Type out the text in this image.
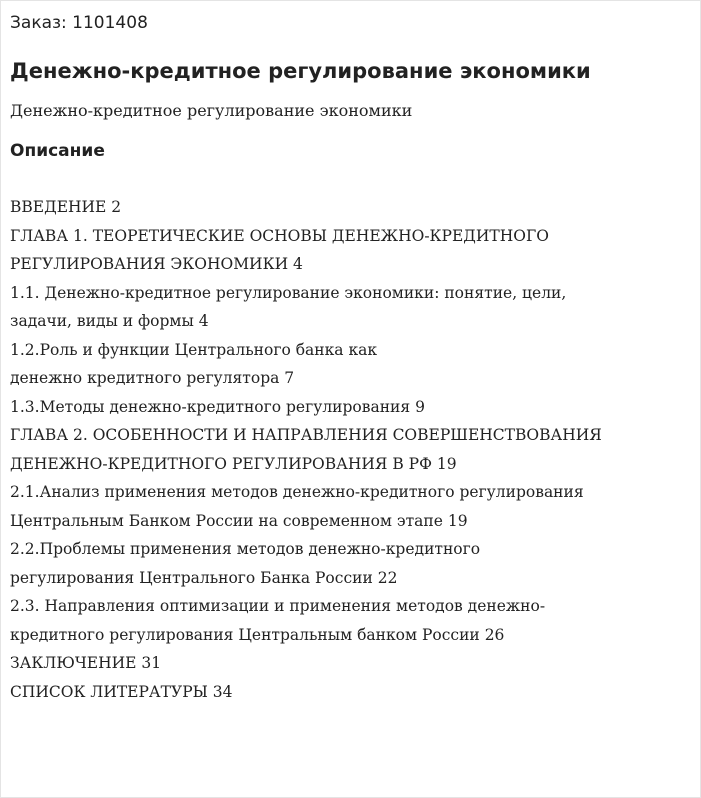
Заказ: 1101408
Денежно-кредитное регулирование экономики
Денежно-кредитное регулирование экономики
Описание
ВВЕДЕНИЕ 2
ГЛАВА 1. ТЕОРЕТИЧЕСКИЕ ОСНОВЫ ДЕНЕЖНО-КРЕДИТНОГО
РЕГУЛИРОВАНИЯ ЭКОНОМИКИ 4
1.1. Денежно-кредитное регулирование экономики: понятие, цели,
задачи, виды и формы 4
1.2.Роль и функции Центрального банка как
денежно кредитного регулятора 7
1.3.Методы денежно-кредитного регулирования 9
ГЛАВА 2. ОСОБЕННОСТИ И НАПРАВЛЕНИЯ СОВЕРШЕНСТВОВАНИЯ
ДЕНЕЖНО-КРЕДИТНОГО РЕГУЛИРОВАНИЯ В РФ 19
2.1.Анализ применения методов денежно-кредитного регулирования
Центральным Банком России на современном этапе 19
2.2.Проблемы применения методов денежно-кредитного
регулирования Центрального Банка России 22
2.3. Направления оптимизации и применения методов денежно-
кредитного регулирования Центральным банком России 26
ЗАКЛЮЧЕНИЕ 31
СПИСОК ЛИТЕРАТУРЫ 34
